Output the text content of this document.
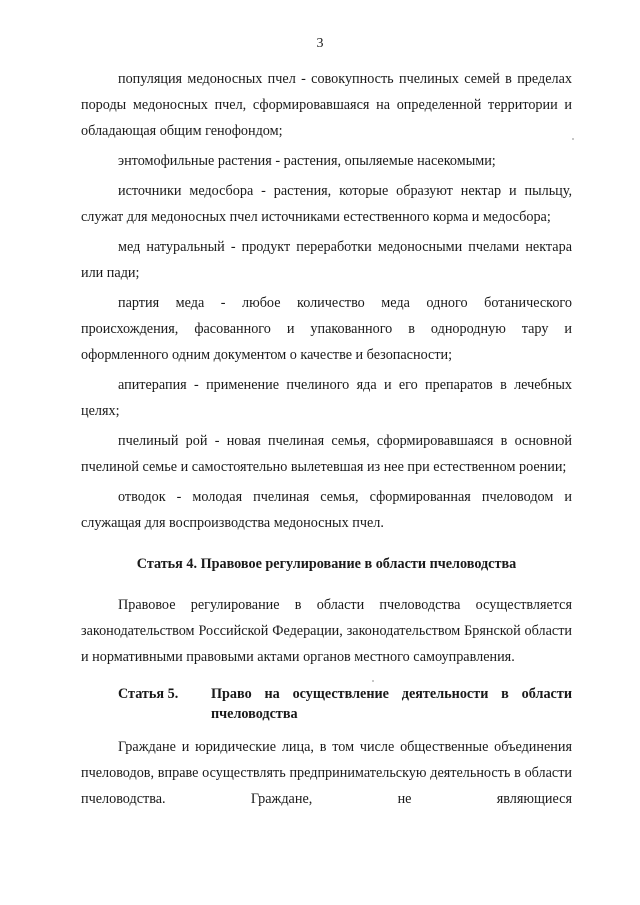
3

популяция медоносных пчел - совокупность пчелиных семей в пределах породы медоносных пчел, сформировавшаяся на определенной территории и обладающая общим генофондом;

энтомофильные растения - растения, опыляемые насекомыми;

источники медосбора - растения, которые образуют нектар и пыльцу, служат для медоносных пчел источниками естественного корма и медосбора;

мед натуральный - продукт переработки медоносными пчелами нектара или пади;

партия меда - любое количество меда одного ботанического происхождения, фасованного и упакованного в однородную тару и оформленного одним документом о качестве и безопасности;

апитерапия - применение пчелиного яда и его препаратов в лечебных целях;

пчелиный рой - новая пчелиная семья, сформировавшаяся в основной пчелиной семье и самостоятельно вылетевшая из нее при естественном роении;

отводок - молодая пчелиная семья, сформированная пчеловодом и служащая для воспроизводства медоносных пчел.

Статья 4. Правовое регулирование в области пчеловодства

Правовое регулирование в области пчеловодства осуществляется законодательством Российской Федерации, законодательством Брянской области и нормативными правовыми актами органов местного самоуправления.

Статья 5.	Право на осуществление деятельности в области пчеловодства

Граждане и юридические лица, в том числе общественные объединения пчеловодов, вправе осуществлять предпринимательскую деятельность в области пчеловодства. Граждане, не являющиеся
